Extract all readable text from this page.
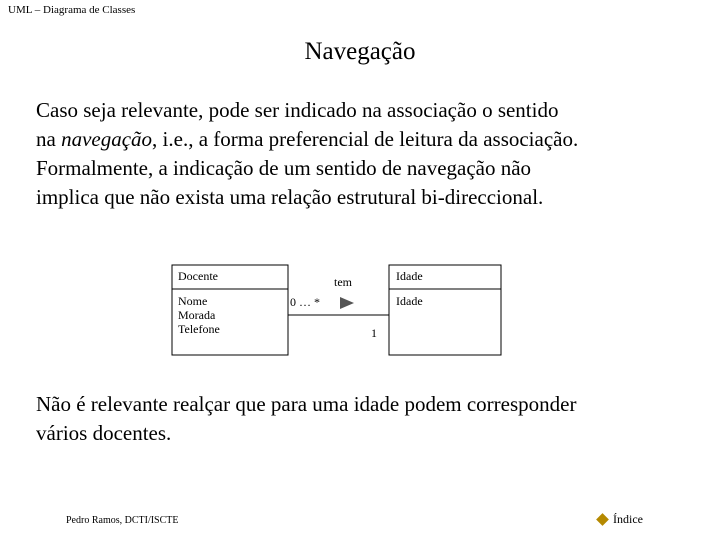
UML – Diagrama de Classes
Navegação
Caso seja relevante, pode ser indicado na associação o sentido
na navegação, i.e., a forma preferencial de leitura da associação.
Formalmente, a indicação de um sentido de navegação não
implica que não exista uma relação estrutural bi-direccional.
Docente
Nome
Morada
Telefone
Idade
Idade
tem
0 … *
1
Não é relevante realçar que para uma idade podem corresponder
vários docentes.
Pedro Ramos, DCTI/ISCTE	Índice
